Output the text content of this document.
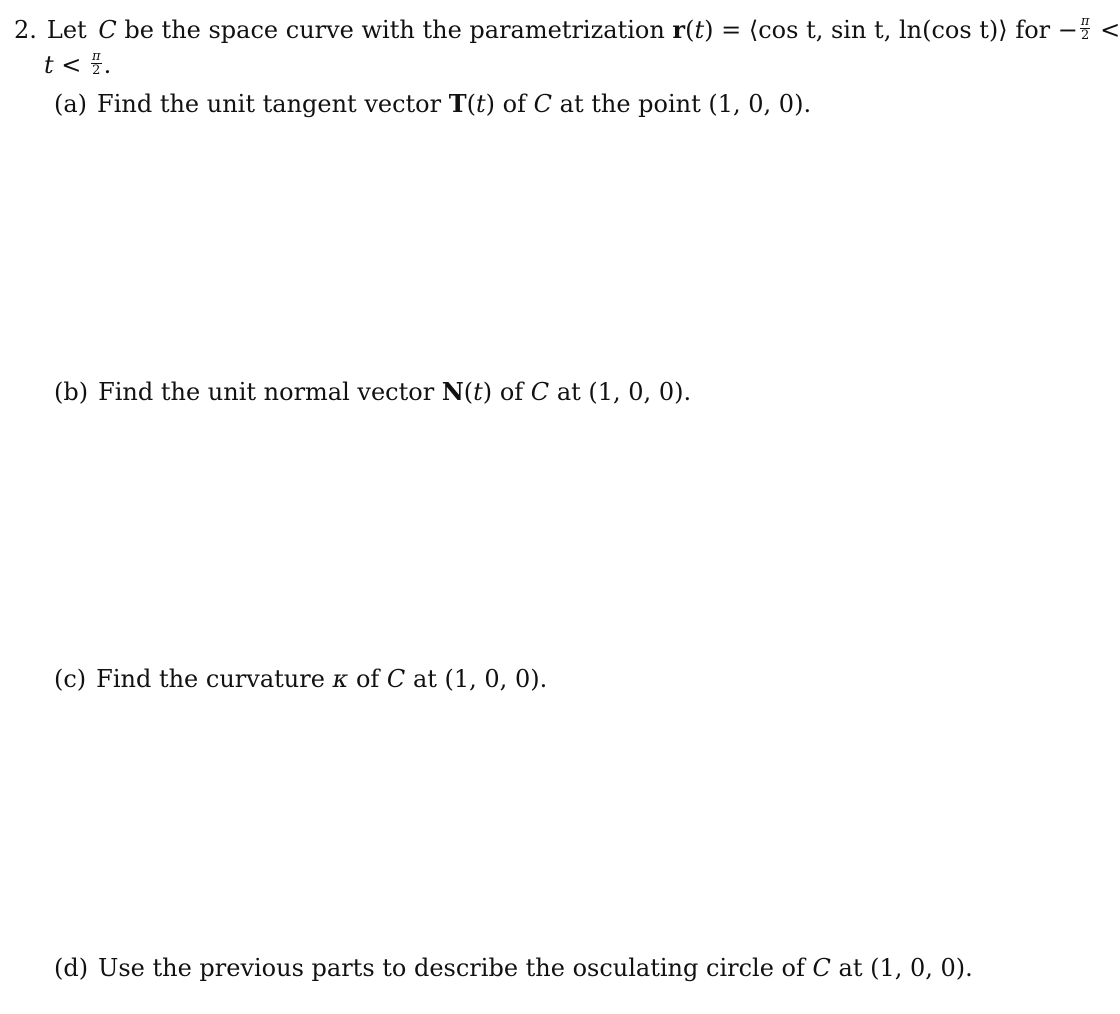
2. Let C be the space curve with the parametrization r(t) = ⟨cos t, sin t, ln(cos t)⟩ for − $\frac{\pi}{2}$ <
$t < \frac{\pi}{2}$ .
(a) Find the unit tangent vector T(t) of C at the point (1, 0, 0).
(b) Find the unit normal vector N(t) of C at (1, 0, 0).
(c) Find the curvature κ of C at (1, 0, 0).
(d) Use the previous parts to describe the osculating circle of C at (1, 0, 0).
